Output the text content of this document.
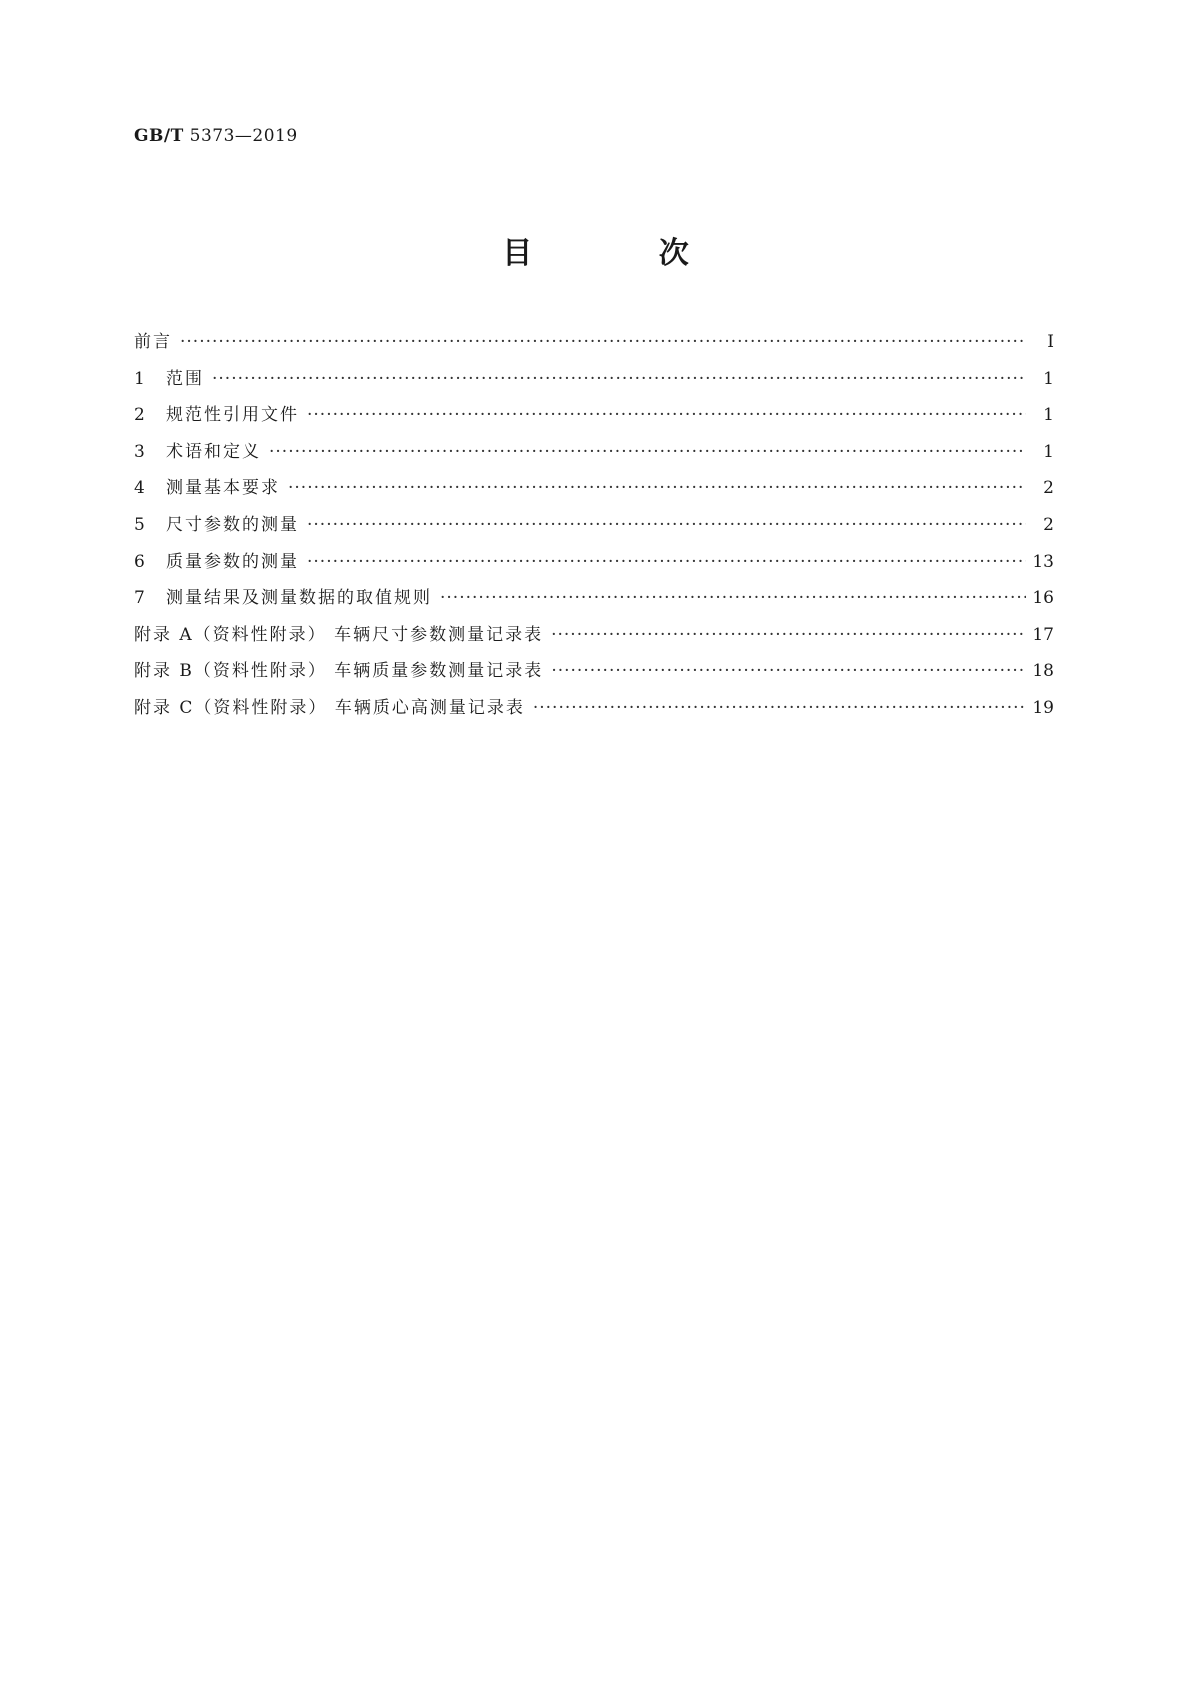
GB/T 5373—2019
目 次
前言 ·····	Ⅰ
1	范围 ·····	1
2	规范性引用文件 ·····	1
3	术语和定义 ·····	1
4	测量基本要求 ·····	2
5	尺寸参数的测量 ·····	2
6	质量参数的测量 ·····	13
7	测量结果及测量数据的取值规则 ·····	16
附录 A（资料性附录） 车辆尺寸参数测量记录表 ·····	17
附录 B（资料性附录） 车辆质量参数测量记录表 ·····	18
附录 C（资料性附录） 车辆质心高测量记录表 ·····	19
